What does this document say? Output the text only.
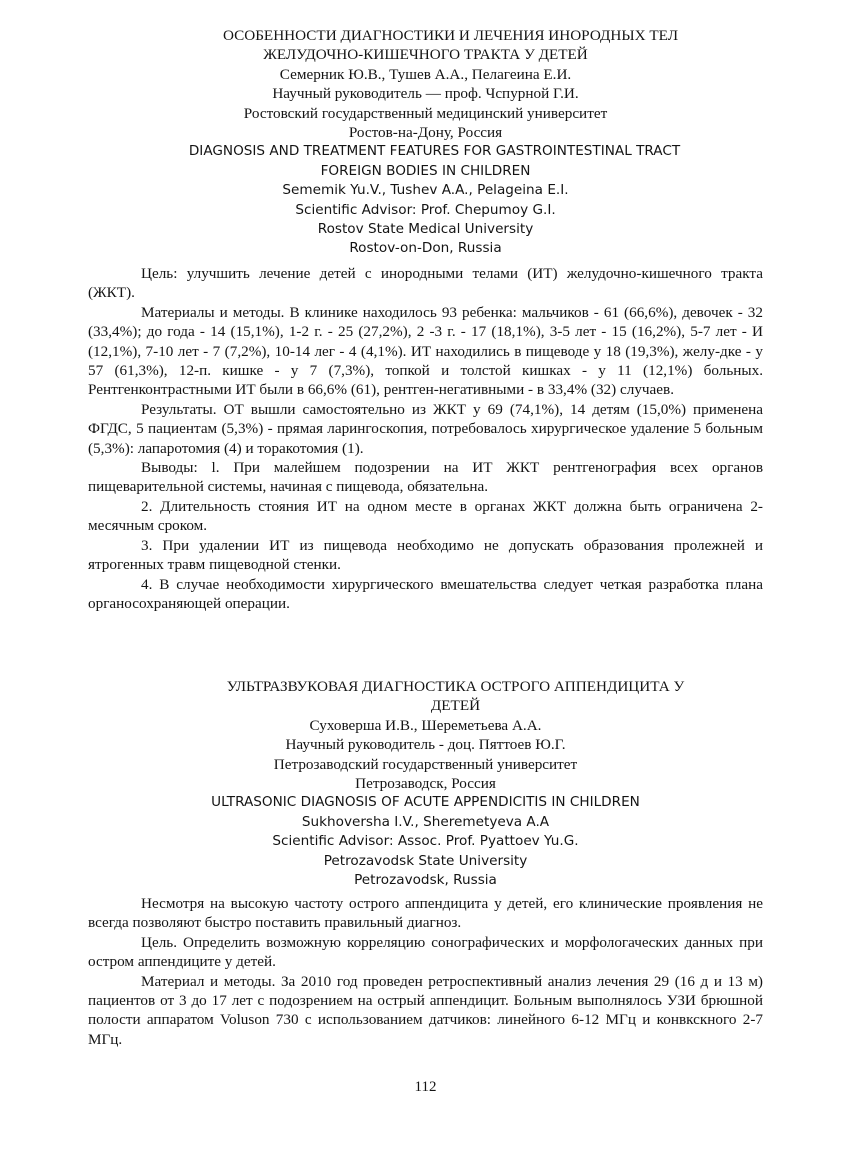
ОСОБЕННОСТИ ДИАГНОСТИКИ И ЛЕЧЕНИЯ ИНОРОДНЫХ ТЕЛ
ЖЕЛУДОЧНО-КИШЕЧНОГО ТРАКТА У ДЕТЕЙ
Семерник Ю.В., Тушев А.А., Пелагеина Е.И.
Научный руководитель — проф. Чспурной Г.И.
Ростовский государственный медицинский университет
Ростов-на-Дону, Россия
DIAGNOSIS AND TREATMENT FEATURES FOR GASTROINTESTINAL TRACT
FOREIGN BODIES IN CHILDREN
Sememik Yu.V., Tushev A.A., Pelageina E.I.
Scientific Advisor: Prof. Chepumoy G.I.
Rostov State Medical University
Rostov-on-Don, Russia

Цель: улучшить лечение детей с инородными телами (ИТ) желудочно-кишечного тракта (ЖКТ).

Материалы и методы. В клинике находилось 93 ребенка: мальчиков - 61 (66,6%), девочек - 32 (33,4%); до года - 14 (15,1%), 1-2 г. - 25 (27,2%), 2 -3 г. - 17 (18,1%), 3-5 лет - 15 (16,2%), 5-7 лет - И (12,1%), 7-10 лет - 7 (7,2%), 10-14 лег - 4 (4,1%). ИТ находились в пищеводе у 18 (19,3%), желу-дке - у 57 (61,3%), 12-п. кишке - у 7 (7,3%), топкой и толстой кишках - у 11 (12,1%) больных. Рентгенконтрастными ИТ были в 66,6% (61), рентген-негативными - в 33,4% (32) случаев.

Результаты. ОТ вышли самостоятельно из ЖКТ у 69 (74,1%), 14 детям (15,0%) применена ФГДС, 5 пациентам (5,3%) - прямая ларингоскопия, потребовалось хирургическое удаление 5 больным (5,3%): лапаротомия (4) и торакотомия (1).

Выводы: l. При малейшем подозрении на ИТ ЖКТ рентгенография всех органов пищеварительной системы, начиная с пищевода, обязательна.

2. Длительность стояния ИТ на одном месте в органах ЖКТ должна быть ограничена 2-месячным сроком.

3. При удалении ИТ из пищевода необходимо не допускать образования пролежней и ятрогенных травм пищеводной стенки.

4. В случае необходимости хирургического вмешательства следует четкая разработка плана органосохраняющей операции.

УЛЬТРАЗВУКОВАЯ ДИАГНОСТИКА ОСТРОГО АППЕНДИЦИТА У
ДЕТЕЙ
Суховерша И.В., Шереметьева А.А.
Научный руководитель - доц. Пяттоев Ю.Г.
Петрозаводский государственный университет
Петрозаводск, Россия
ULTRASONIC DIAGNOSIS OF ACUTE APPENDICITIS IN CHILDREN
Sukhoversha I.V., Sheremetyeva A.A
Scientific Advisor: Assoc. Prof. Pyattoev Yu.G.
Petrozavodsk State University
Petrozavodsk, Russia

Несмотря на высокую частоту острого аппендицита у детей, его клинические проявления не всегда позволяют быстро поставить правильный диагноз.

Цель. Определить возможную корреляцию сонографических и морфологачеcких данных при остром аппендиците у детей.

Материал и методы. За 2010 год проведен ретроспективный анализ лечения 29 (16 д и 13 м) пациентов от 3 до 17 лет с подозрением на острый аппендицит. Больным выполнялось УЗИ брюшной полости аппаратом Voluson 730 с использованием датчиков: линейного 6-12 МГц и конвкскного 2-7 МГц.

112
